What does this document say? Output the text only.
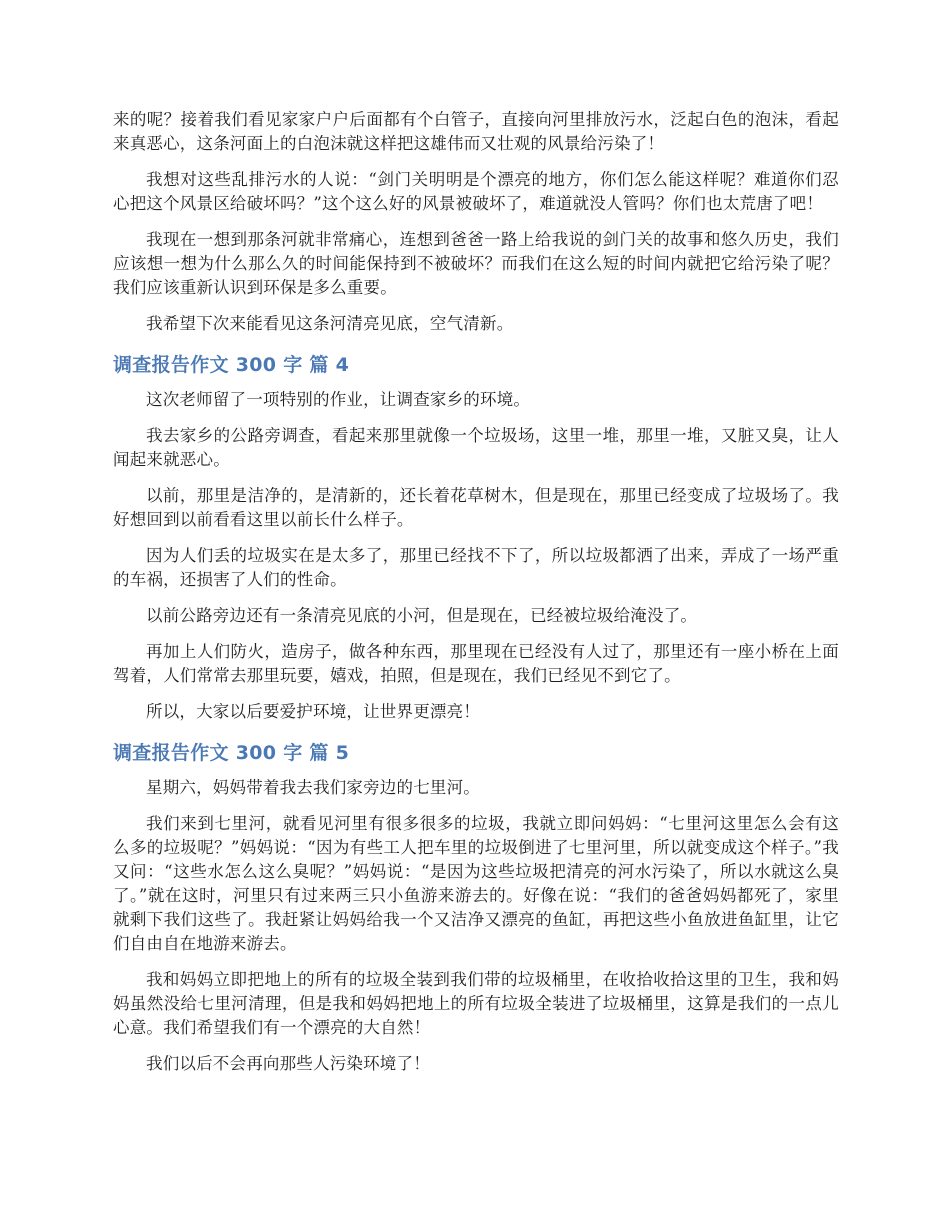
来的呢？接着我们看见家家户户后面都有个白管子，直接向河里排放污水，泛起白色的泡沫，看起来真恶心，这条河面上的白泡沫就这样把这雄伟而又壮观的风景给污染了！

我想对这些乱排污水的人说：“剑门关明明是个漂亮的地方，你们怎么能这样呢？难道你们忍心把这个风景区给破坏吗？”这个这么好的风景被破坏了，难道就没人管吗？你们也太荒唐了吧！

我现在一想到那条河就非常痛心，连想到爸爸一路上给我说的剑门关的故事和悠久历史，我们应该想一想为什么那么久的时间能保持到不被破坏？而我们在这么短的时间内就把它给污染了呢？我们应该重新认识到环保是多么重要。

我希望下次来能看见这条河清亮见底，空气清新。

调查报告作文 300 字 篇 4

这次老师留了一项特别的作业，让调查家乡的环境。

我去家乡的公路旁调查，看起来那里就像一个垃圾场，这里一堆，那里一堆，又脏又臭，让人闻起来就恶心。

以前，那里是洁净的，是清新的，还长着花草树木，但是现在，那里已经变成了垃圾场了。我好想回到以前看看这里以前长什么样子。

因为人们丢的垃圾实在是太多了，那里已经找不下了，所以垃圾都洒了出来，弄成了一场严重的车祸，还损害了人们的性命。

以前公路旁边还有一条清亮见底的小河，但是现在，已经被垃圾给淹没了。

再加上人们防火，造房子，做各种东西，那里现在已经没有人过了，那里还有一座小桥在上面驾着，人们常常去那里玩要，嬉戏，拍照，但是现在，我们已经见不到它了。

所以，大家以后要爱护环境，让世界更漂亮！

调查报告作文 300 字 篇 5

星期六，妈妈带着我去我们家旁边的七里河。

我们来到七里河，就看见河里有很多很多的垃圾，我就立即问妈妈：“七里河这里怎么会有这么多的垃圾呢？”妈妈说：“因为有些工人把车里的垃圾倒进了七里河里，所以就变成这个样子。”我又问：“这些水怎么这么臭呢？”妈妈说：“是因为这些垃圾把清亮的河水污染了，所以水就这么臭了。”就在这时，河里只有过来两三只小鱼游来游去的。好像在说：“我们的爸爸妈妈都死了，家里就剩下我们这些了。我赶紧让妈妈给我一个又洁净又漂亮的鱼缸，再把这些小鱼放进鱼缸里，让它们自由自在地游来游去。

我和妈妈立即把地上的所有的垃圾全装到我们带的垃圾桶里，在收拾收拾这里的卫生，我和妈妈虽然没给七里河清理，但是我和妈妈把地上的所有垃圾全装进了垃圾桶里，这算是我们的一点儿心意。我们希望我们有一个漂亮的大自然！

我们以后不会再向那些人污染环境了！
